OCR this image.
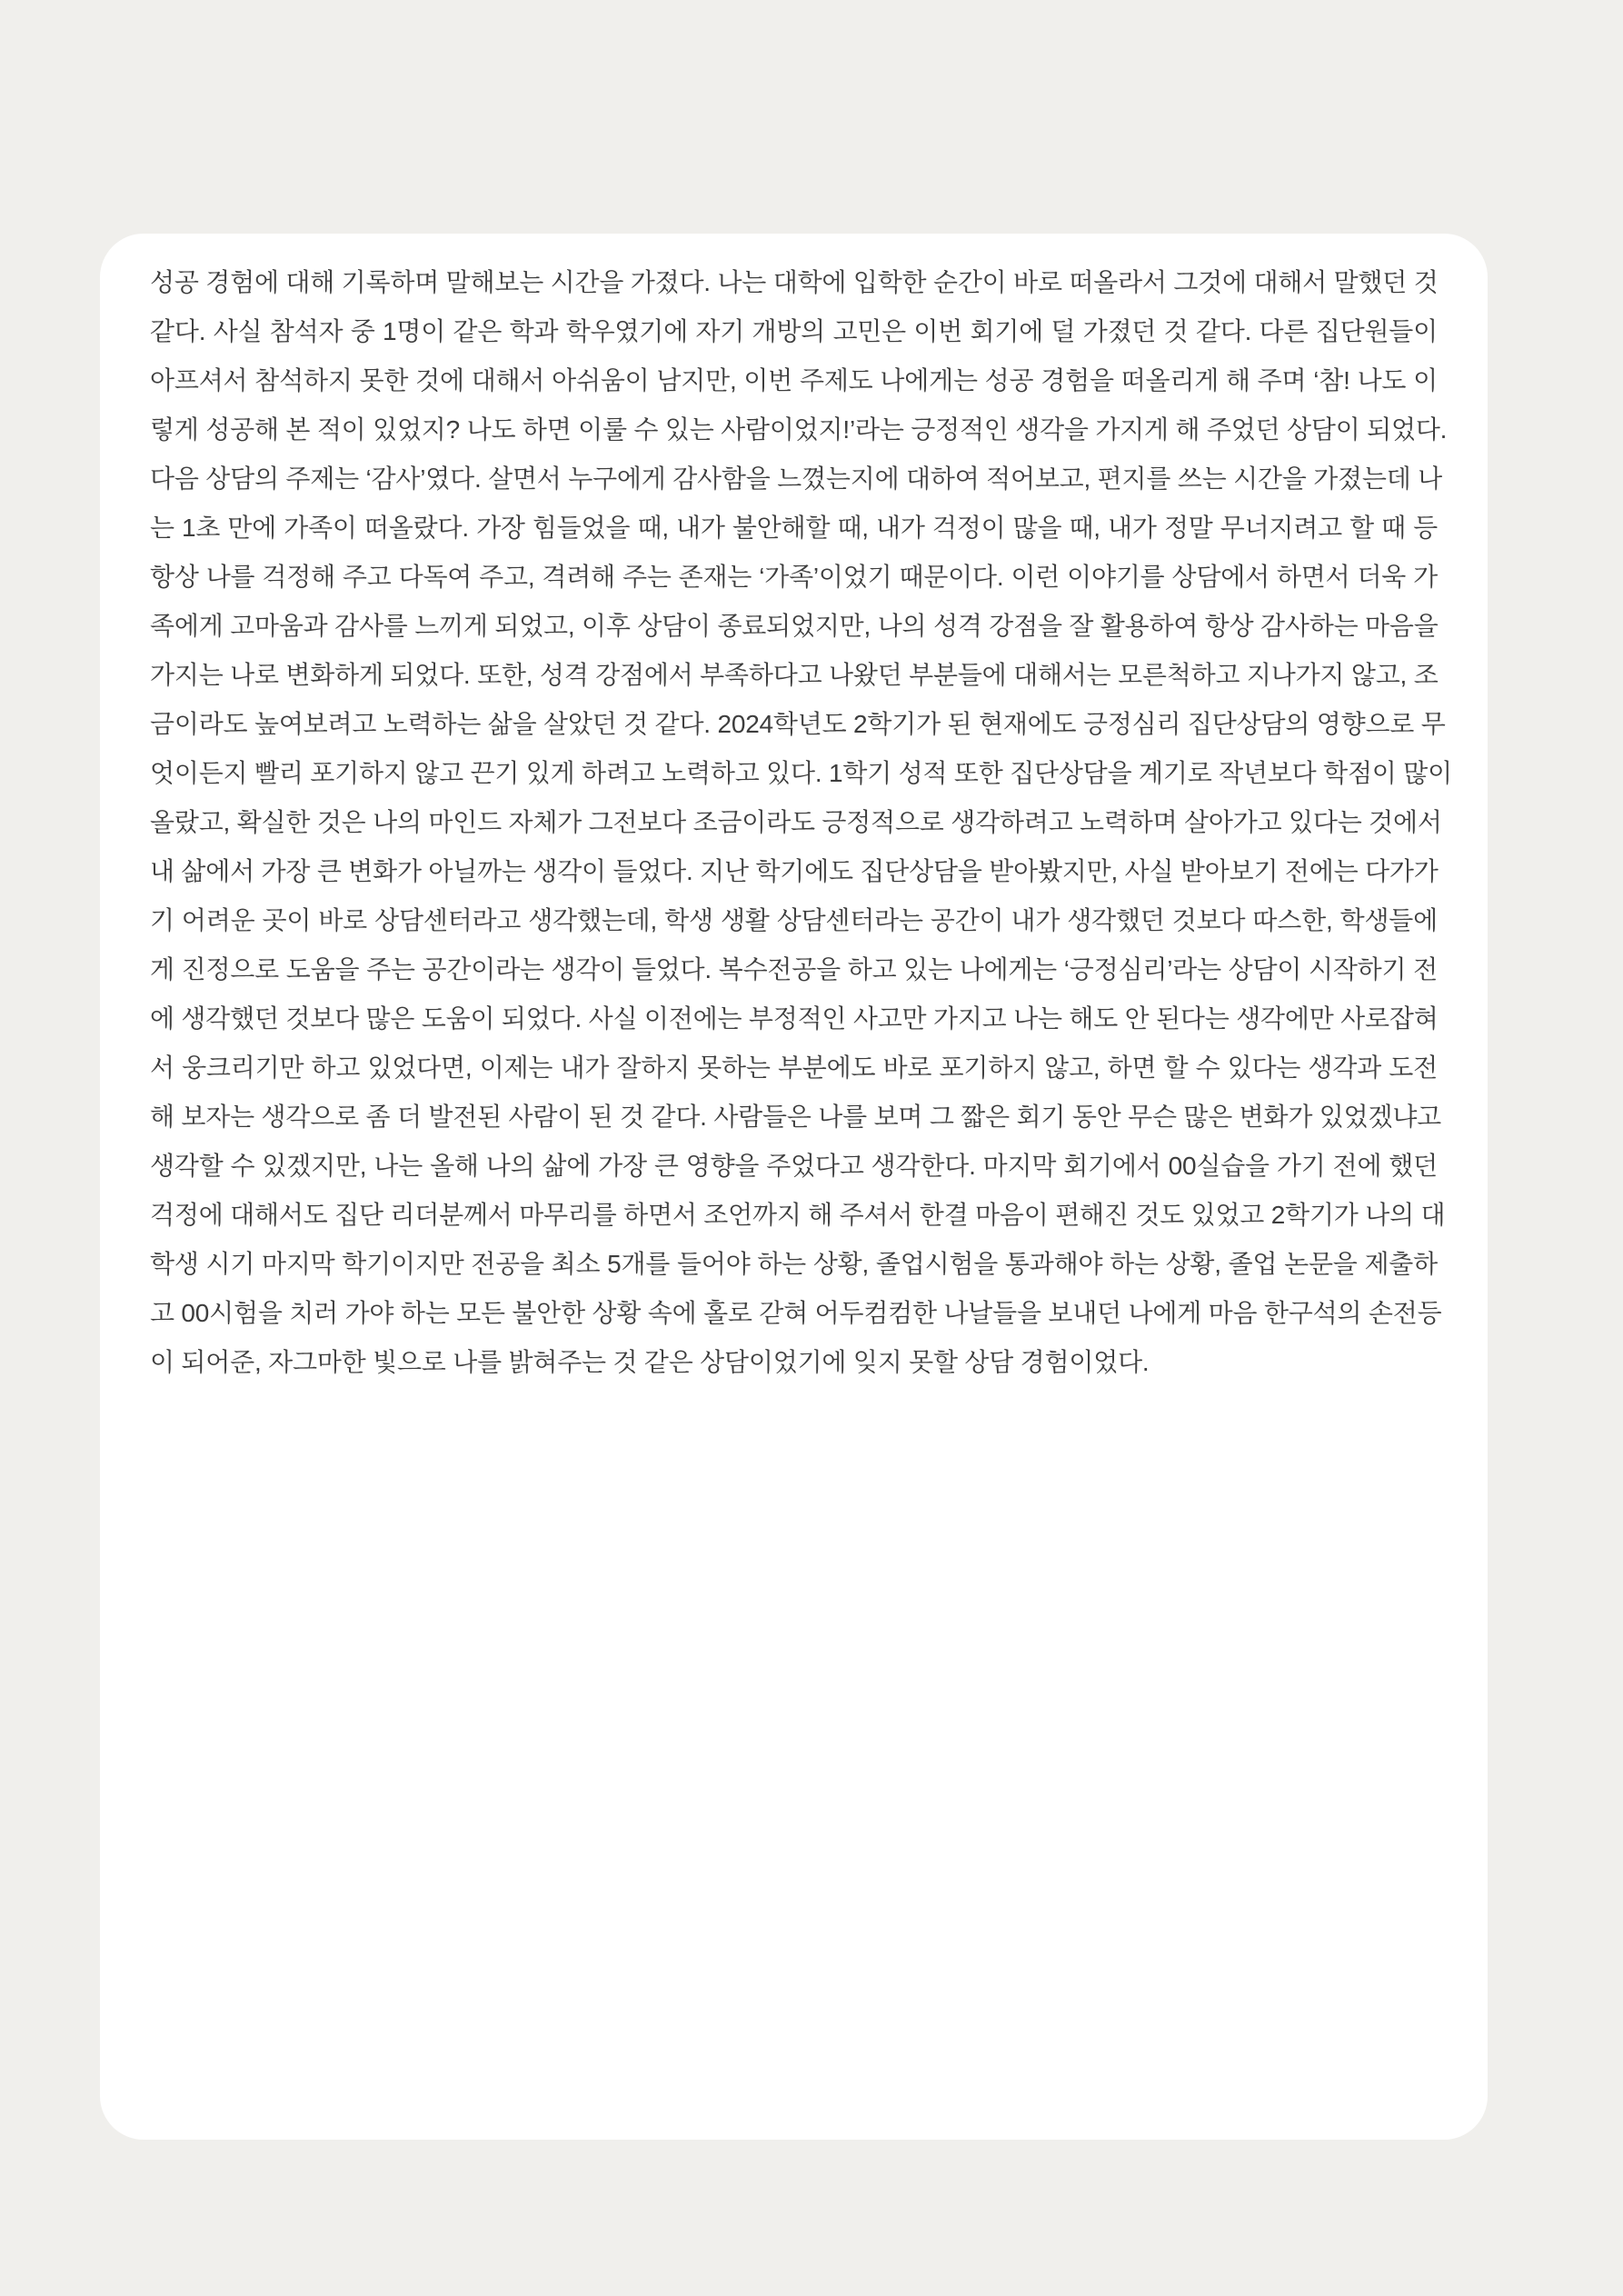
성공 경험에 대해 기록하며 말해보는 시간을 가졌다. 나는 대학에 입학한 순간이 바로 떠올라서 그것에 대해서 말했던 것
같다. 사실 참석자 중 1명이 같은 학과 학우였기에 자기 개방의 고민은 이번 회기에 덜 가졌던 것 같다. 다른 집단원들이
아프셔서 참석하지 못한 것에 대해서 아쉬움이 남지만, 이번 주제도 나에게는 성공 경험을 떠올리게 해 주며 ‘참! 나도 이
렇게 성공해 본 적이 있었지? 나도 하면 이룰 수 있는 사람이었지!’라는 긍정적인 생각을 가지게 해 주었던 상담이 되었다.
다음 상담의 주제는 ‘감사’였다. 살면서 누구에게 감사함을 느꼈는지에 대하여 적어보고, 편지를 쓰는 시간을 가졌는데 나
는 1초 만에 가족이 떠올랐다. 가장 힘들었을 때, 내가 불안해할 때, 내가 걱정이 많을 때, 내가 정말 무너지려고 할 때 등
항상 나를 걱정해 주고 다독여 주고, 격려해 주는 존재는 ‘가족’이었기 때문이다. 이런 이야기를 상담에서 하면서 더욱 가
족에게 고마움과 감사를 느끼게 되었고, 이후 상담이 종료되었지만, 나의 성격 강점을 잘 활용하여 항상 감사하는 마음을
가지는 나로 변화하게 되었다. 또한, 성격 강점에서 부족하다고 나왔던 부분들에 대해서는 모른척하고 지나가지 않고, 조
금이라도 높여보려고 노력하는 삶을 살았던 것 같다. 2024학년도 2학기가 된 현재에도 긍정심리 집단상담의 영향으로 무
엇이든지 빨리 포기하지 않고 끈기 있게 하려고 노력하고 있다. 1학기 성적 또한 집단상담을 계기로 작년보다 학점이 많이
올랐고, 확실한 것은 나의 마인드 자체가 그전보다 조금이라도 긍정적으로 생각하려고 노력하며 살아가고 있다는 것에서
내 삶에서 가장 큰 변화가 아닐까는 생각이 들었다. 지난 학기에도 집단상담을 받아봤지만, 사실 받아보기 전에는 다가가
기 어려운 곳이 바로 상담센터라고 생각했는데, 학생 생활 상담센터라는 공간이 내가 생각했던 것보다 따스한, 학생들에
게 진정으로 도움을 주는 공간이라는 생각이 들었다. 복수전공을 하고 있는 나에게는 ‘긍정심리’라는 상담이 시작하기 전
에 생각했던 것보다 많은 도움이 되었다. 사실 이전에는 부정적인 사고만 가지고 나는 해도 안 된다는 생각에만 사로잡혀
서 웅크리기만 하고 있었다면, 이제는 내가 잘하지 못하는 부분에도 바로 포기하지 않고, 하면 할 수 있다는 생각과 도전
해 보자는 생각으로 좀 더 발전된 사람이 된 것 같다. 사람들은 나를 보며 그 짧은 회기 동안 무슨 많은 변화가 있었겠냐고
생각할 수 있겠지만, 나는 올해 나의 삶에 가장 큰 영향을 주었다고 생각한다. 마지막 회기에서 00실습을 가기 전에 했던
걱정에 대해서도 집단 리더분께서 마무리를 하면서 조언까지 해 주셔서 한결 마음이 편해진 것도 있었고 2학기가 나의 대
학생 시기 마지막 학기이지만 전공을 최소 5개를 들어야 하는 상황, 졸업시험을 통과해야 하는 상황, 졸업 논문을 제출하
고 00시험을 치러 가야 하는 모든 불안한 상황 속에 홀로 갇혀 어두컴컴한 나날들을 보내던 나에게 마음 한구석의 손전등
이 되어준, 자그마한 빛으로 나를 밝혀주는 것 같은 상담이었기에 잊지 못할 상담 경험이었다.
